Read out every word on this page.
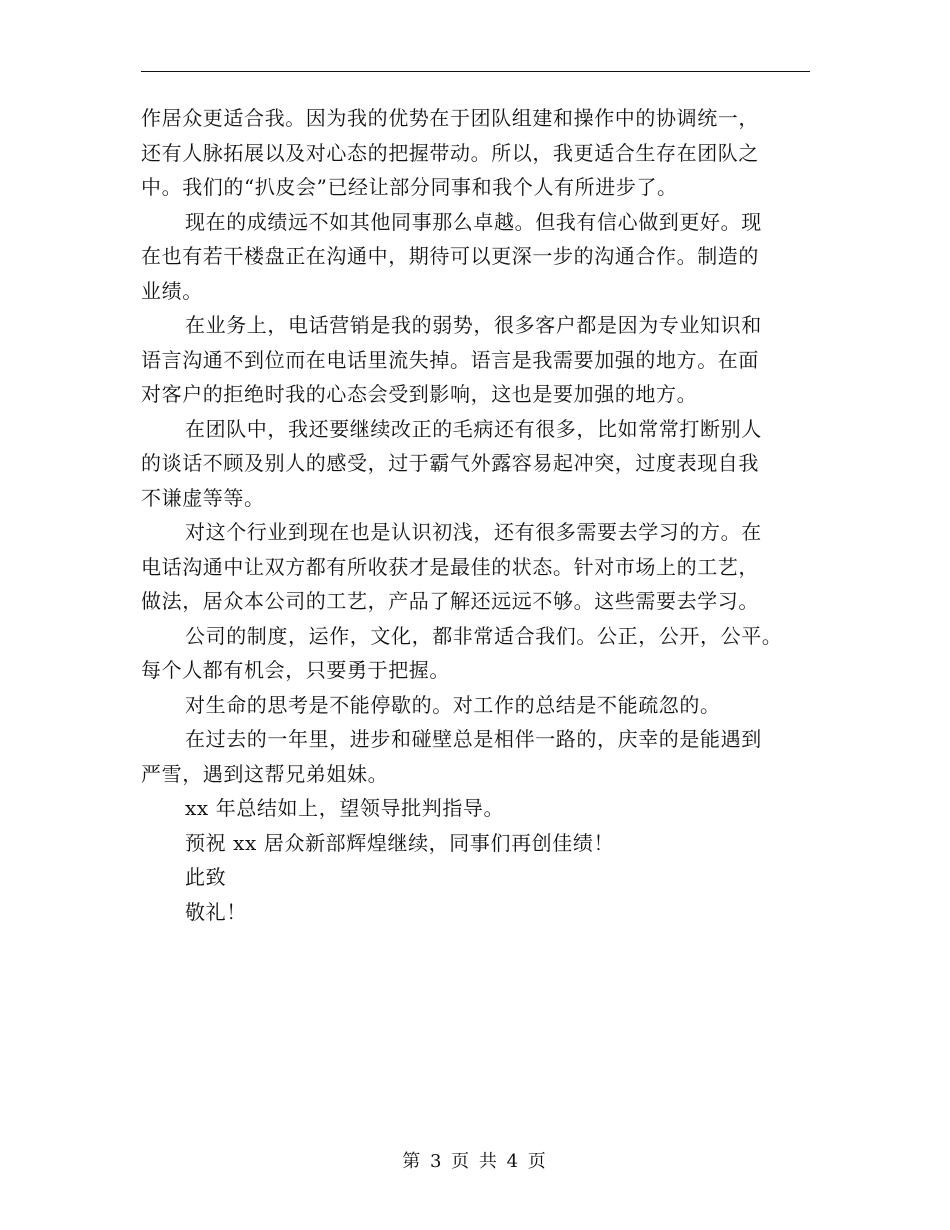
作居众更适合我。因为我的优势在于团队组建和操作中的协调统一，
还有人脉拓展以及对心态的把握带动。所以，我更适合生存在团队之
中。我们的“扒皮会”已经让部分同事和我个人有所进步了。
现在的成绩远不如其他同事那么卓越。但我有信心做到更好。现
在也有若干楼盘正在沟通中，期待可以更深一步的沟通合作。制造的
业绩。
在业务上，电话营销是我的弱势，很多客户都是因为专业知识和
语言沟通不到位而在电话里流失掉。语言是我需要加强的地方。在面
对客户的拒绝时我的心态会受到影响，这也是要加强的地方。
在团队中，我还要继续改正的毛病还有很多，比如常常打断别人
的谈话不顾及别人的感受，过于霸气外露容易起冲突，过度表现自我
不谦虚等等。
对这个行业到现在也是认识初浅，还有很多需要去学习的方。在
电话沟通中让双方都有所收获才是最佳的状态。针对市场上的工艺，
做法，居众本公司的工艺，产品了解还远远不够。这些需要去学习。
公司的制度，运作，文化，都非常适合我们。公正，公开，公平。
每个人都有机会，只要勇于把握。
对生命的思考是不能停歇的。对工作的总结是不能疏忽的。
在过去的一年里，进步和碰壁总是相伴一路的，庆幸的是能遇到
严雪，遇到这帮兄弟姐妹。
xx 年总结如上，望领导批判指导。
预祝 xx 居众新部辉煌继续，同事们再创佳绩！
此致
敬礼！
第 3 页 共 4 页
